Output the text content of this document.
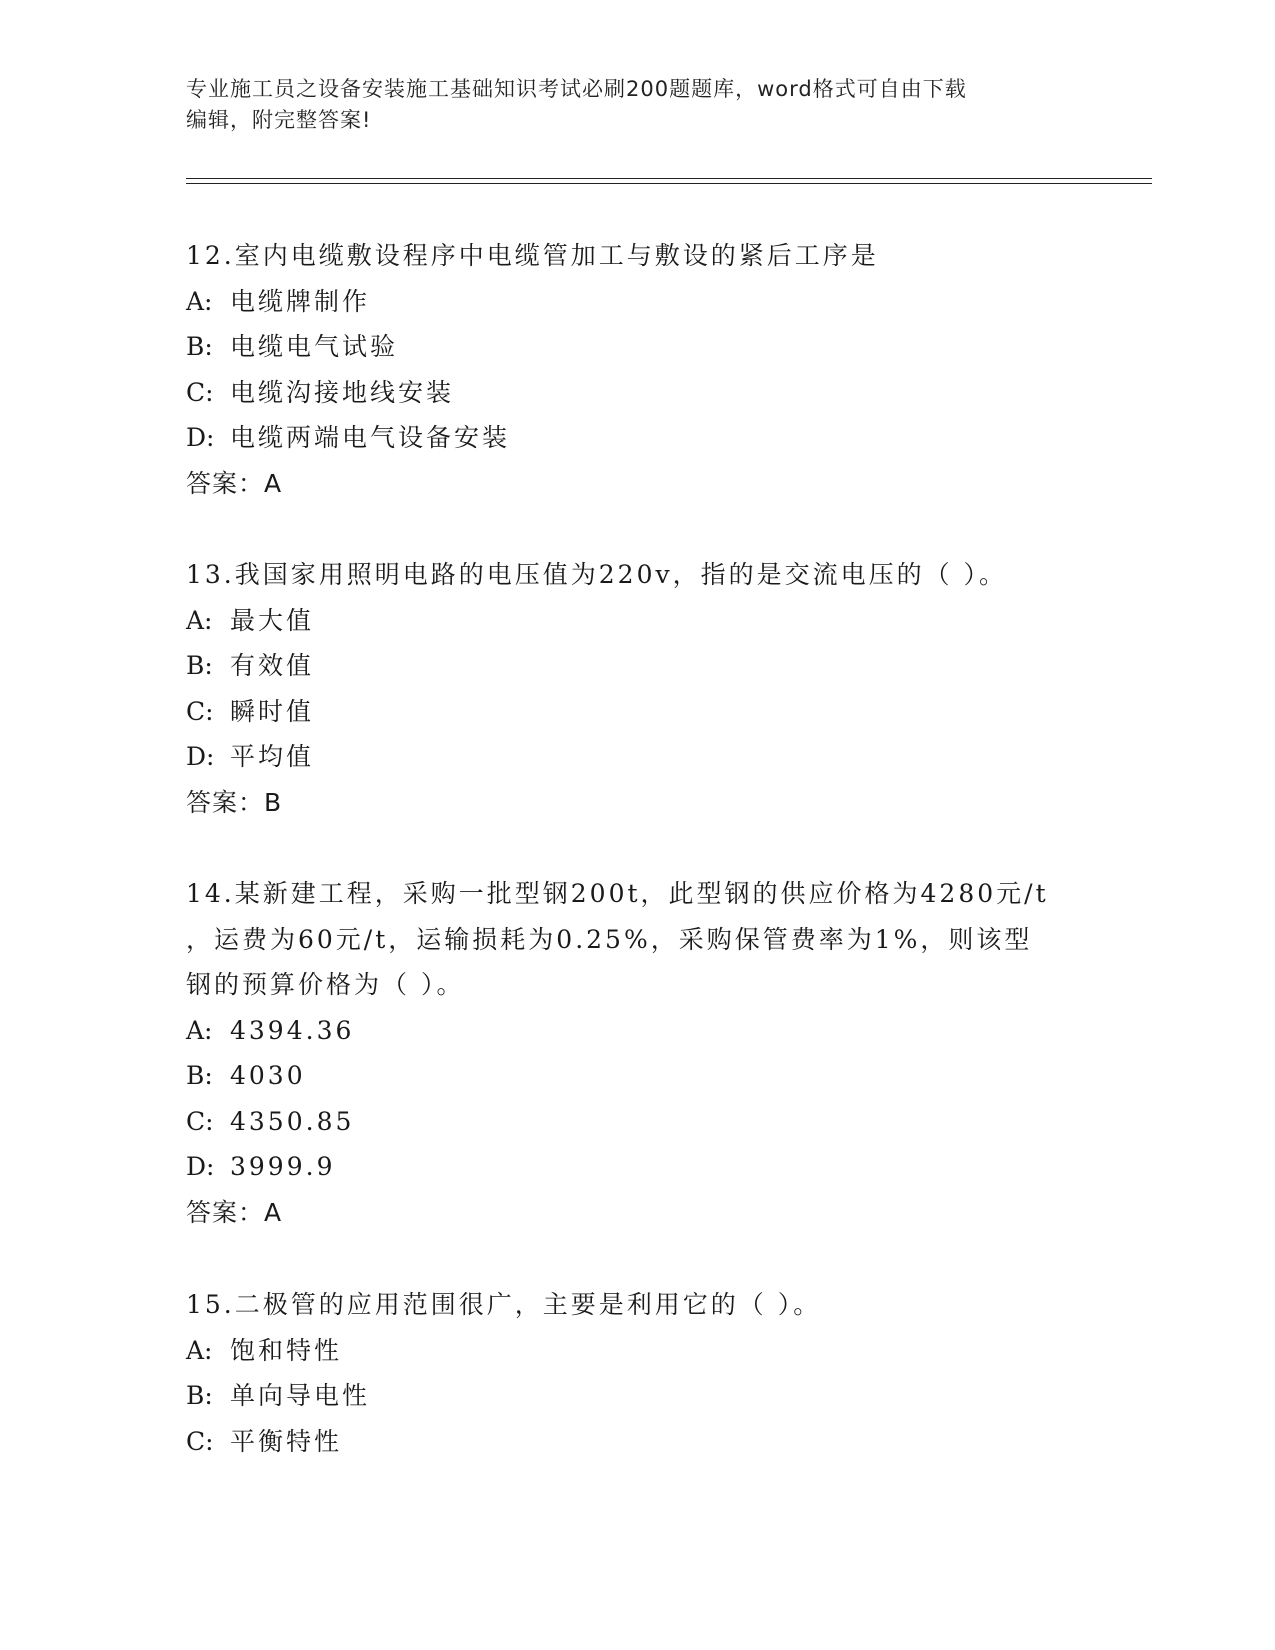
专业施工员之设备安装施工基础知识考试必刷200题题库，word格式可自由下载
编辑，附完整答案!
12.室内电缆敷设程序中电缆管加工与敷设的紧后工序是
A: 电缆牌制作
B: 电缆电气试验
C: 电缆沟接地线安装
D: 电缆两端电气设备安装
答案：A
13.我国家用照明电路的电压值为220v，指的是交流电压的（ ）。
A: 最大值
B: 有效值
C: 瞬时值
D: 平均值
答案：B
14.某新建工程，采购一批型钢200t，此型钢的供应价格为4280元/t
，运费为60元/t，运输损耗为0.25%，采购保管费率为1%，则该型
钢的预算价格为（ ）。
A: 4394.36
B: 4030
C: 4350.85
D: 3999.9
答案：A
15.二极管的应用范围很广，主要是利用它的（ ）。
A: 饱和特性
B: 单向导电性
C: 平衡特性
